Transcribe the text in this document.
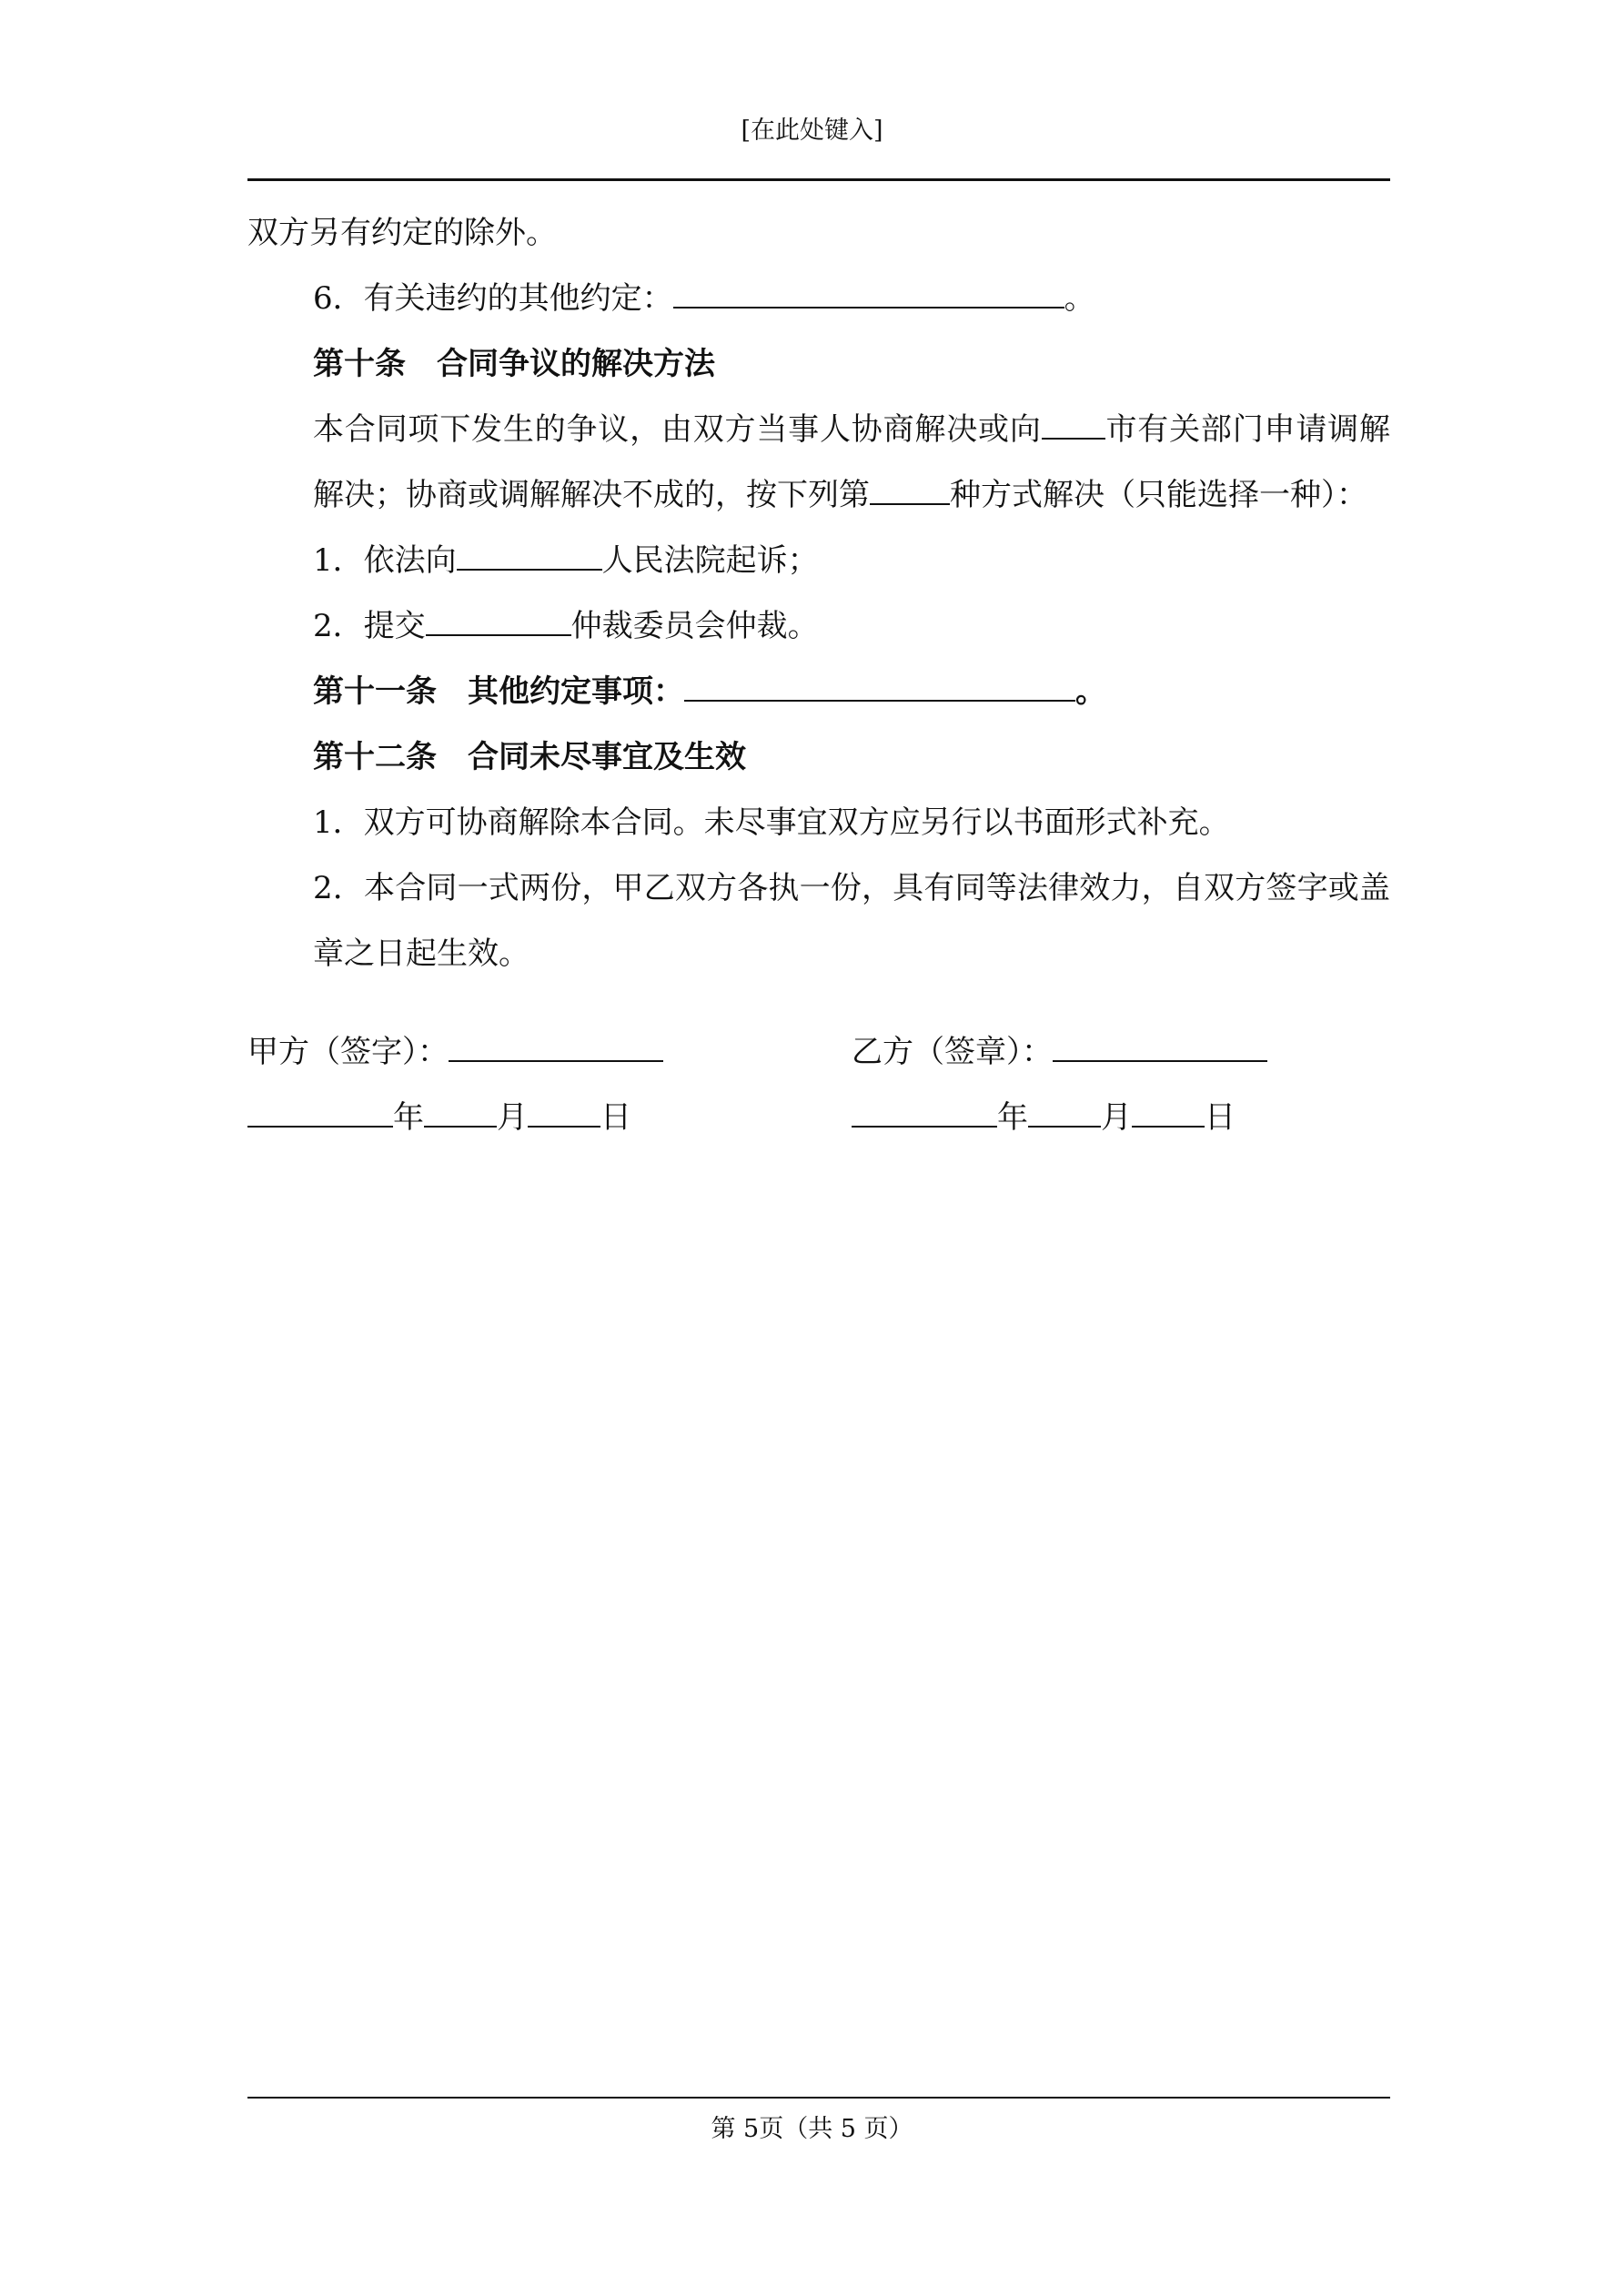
[在此处键入]

双方另有约定的除外。

6．有关违约的其他约定：	。

第十条　合同争议的解决方法

本合同项下发生的争议，由双方当事人协商解决或向 市有关部门申请调解解决；协商或调解解决不成的，按下列第	种方式解决（只能选择一种）：

1．依法向	人民法院起诉；

2．提交	仲裁委员会仲裁。

第十一条　其他约定事项：	。

第十二条　合同未尽事宜及生效

1．双方可协商解除本合同。未尽事宜双方应另行以书面形式补充。

2．本合同一式两份，甲乙双方各执一份，具有同等法律效力，自双方签字或盖章之日起生效。

甲方（签字）：	乙方（签章）：
年 月 日	年 月 日
第 5页（共 5 页）
